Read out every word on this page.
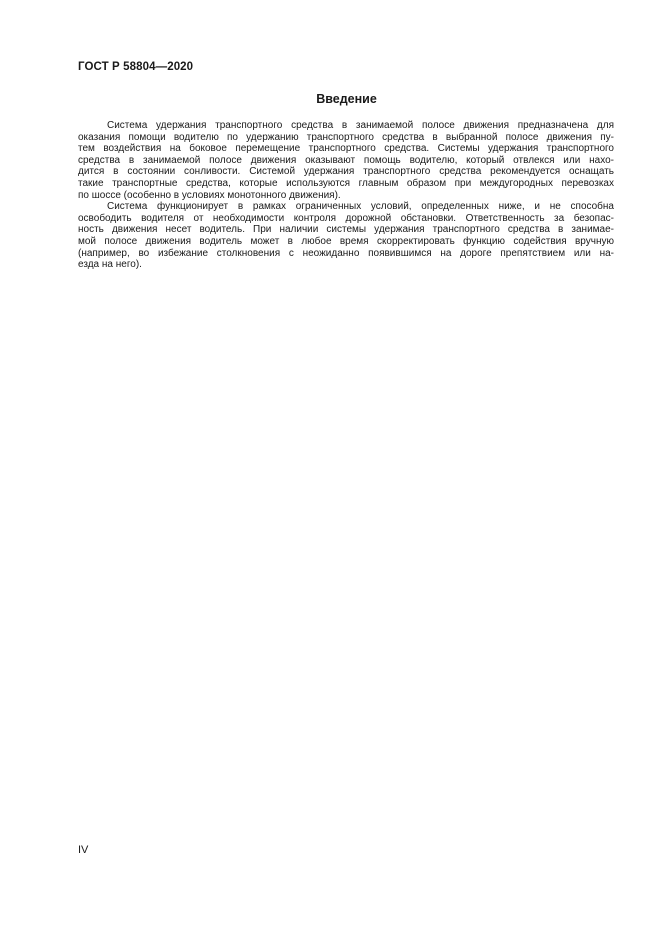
ГОСТ Р 58804—2020
Введение

Система удержания транспортного средства в занимаемой полосе движения предназначена для
оказания помощи водителю по удержанию транспортного средства в выбранной полосе движения пу-
тем воздействия на боковое перемещение транспортного средства. Системы удержания транспортного
средства в занимаемой полосе движения оказывают помощь водителю, который отвлекся или нахо-
дится в состоянии сонливости. Системой удержания транспортного средства рекомендуется оснащать
такие транспортные средства, которые используются главным образом при междугородных перевозках
по шоссе (особенно в условиях монотонного движения).

Система функционирует в рамках ограниченных условий, определенных ниже, и не способна
освободить водителя от необходимости контроля дорожной обстановки. Ответственность за безопас-
ность движения несет водитель. При наличии системы удержания транспортного средства в занимае-
мой полосе движения водитель может в любое время скорректировать функцию содействия вручную
(например, во избежание столкновения с неожиданно появившимся на дороге препятствием или на-
езда на него).

IV
